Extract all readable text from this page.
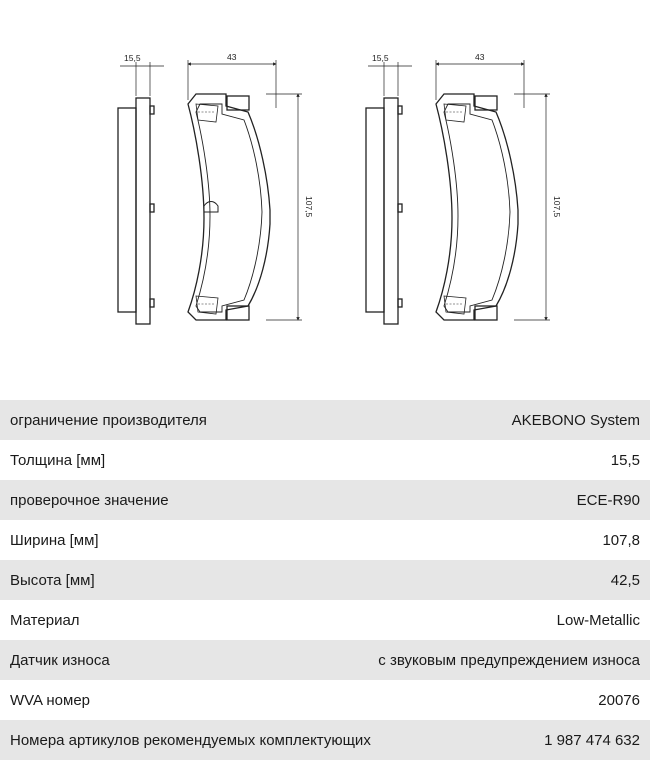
15,5	43
107,5
15,5	43
107,5
ограничение производителя	AKEBONO System
Толщина [мм]	15,5
проверочное значение	ECE-R90
Ширина [мм]	107,8
Высота [мм]	42,5
Материал	Low-Metallic
Датчик износа	с звуковым предупреждением износа
WVA номер	20076
Номера артикулов рекомендуемых комплектующих	1 987 474 632
